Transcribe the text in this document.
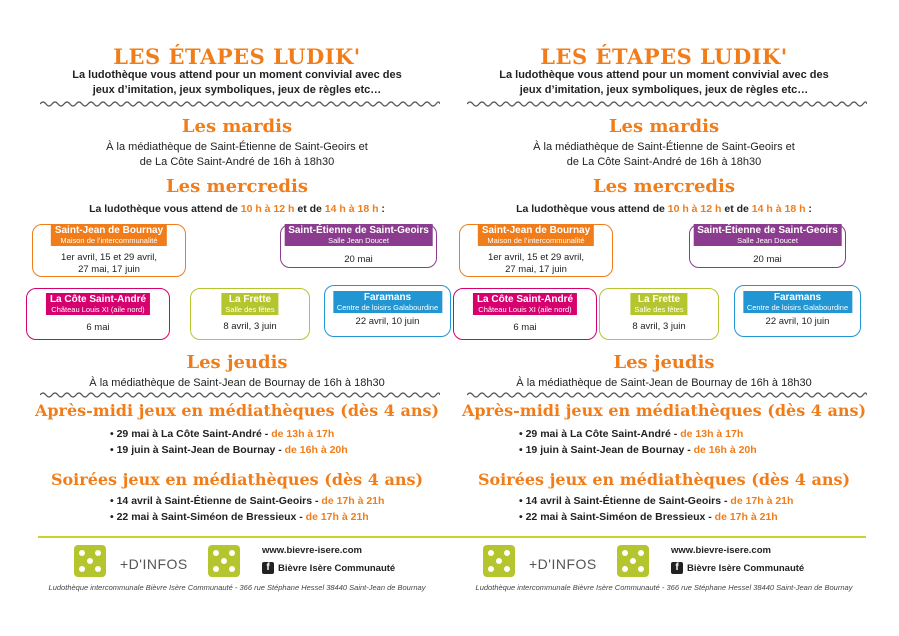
LES ÉTAPES LUDIK'
La ludothèque vous attend pour un moment convivial avec des
jeux d’imitation, jeux symboliques, jeux de règles etc…
Les mardis
À la médiathèque de Saint-Étienne de Saint-Geoirs et
de La Côte Saint-André de 16h à 18h30
Les mercredis
La ludothèque vous attend de 10 h à 12 h et de 14 h à 18 h :
Saint-Jean de Bournay
Maison de l’intercommunalité
1er avril, 15 et 29 avril,
27 mai, 17 juin
Saint-Étienne de Saint-Geoirs
Salle Jean Doucet
20 mai
La Côte Saint-André
Château Louis XI (aile nord)
6 mai
La Frette
Salle des fêtes
8 avril, 3 juin
Faramans
Centre de loisirs Galabourdine
22 avril, 10 juin
Les jeudis
À la médiathèque de Saint-Jean de Bournay de 16h à 18h30
Après-midi jeux en médiathèques (dès 4 ans)
• 29 mai à La Côte Saint-André - de 13h à 17h
• 19 juin à Saint-Jean de Bournay - de 16h à 20h
Soirées jeux en médiathèques (dès 4 ans)
• 14 avril à Saint-Étienne de Saint-Geoirs - de 17h à 21h
• 22 mai à Saint-Siméon de Bressieux - de 17h à 21h
+D'INFOS
www.bievre-isere.com
f Bièvre Isère Communauté
Ludothèque intercommunale Bièvre Isère Communauté - 366 rue Stéphane Hessel 38440 Saint-Jean de Bournay
LES ÉTAPES LUDIK'
La ludothèque vous attend pour un moment convivial avec des
jeux d’imitation, jeux symboliques, jeux de règles etc…
Les mardis
À la médiathèque de Saint-Étienne de Saint-Geoirs et
de La Côte Saint-André de 16h à 18h30
Les mercredis
La ludothèque vous attend de 10 h à 12 h et de 14 h à 18 h :
Saint-Jean de Bournay
Maison de l’intercommunalité
1er avril, 15 et 29 avril,
27 mai, 17 juin
Saint-Étienne de Saint-Geoirs
Salle Jean Doucet
20 mai
La Côte Saint-André
Château Louis XI (aile nord)
6 mai
La Frette
Salle des fêtes
8 avril, 3 juin
Faramans
Centre de loisirs Galabourdine
22 avril, 10 juin
Les jeudis
À la médiathèque de Saint-Jean de Bournay de 16h à 18h30
Après-midi jeux en médiathèques (dès 4 ans)
• 29 mai à La Côte Saint-André - de 13h à 17h
• 19 juin à Saint-Jean de Bournay - de 16h à 20h
Soirées jeux en médiathèques (dès 4 ans)
• 14 avril à Saint-Étienne de Saint-Geoirs - de 17h à 21h
• 22 mai à Saint-Siméon de Bressieux - de 17h à 21h
+D'INFOS
www.bievre-isere.com
f Bièvre Isère Communauté
Ludothèque intercommunale Bièvre Isère Communauté - 366 rue Stéphane Hessel 38440 Saint-Jean de Bournay
